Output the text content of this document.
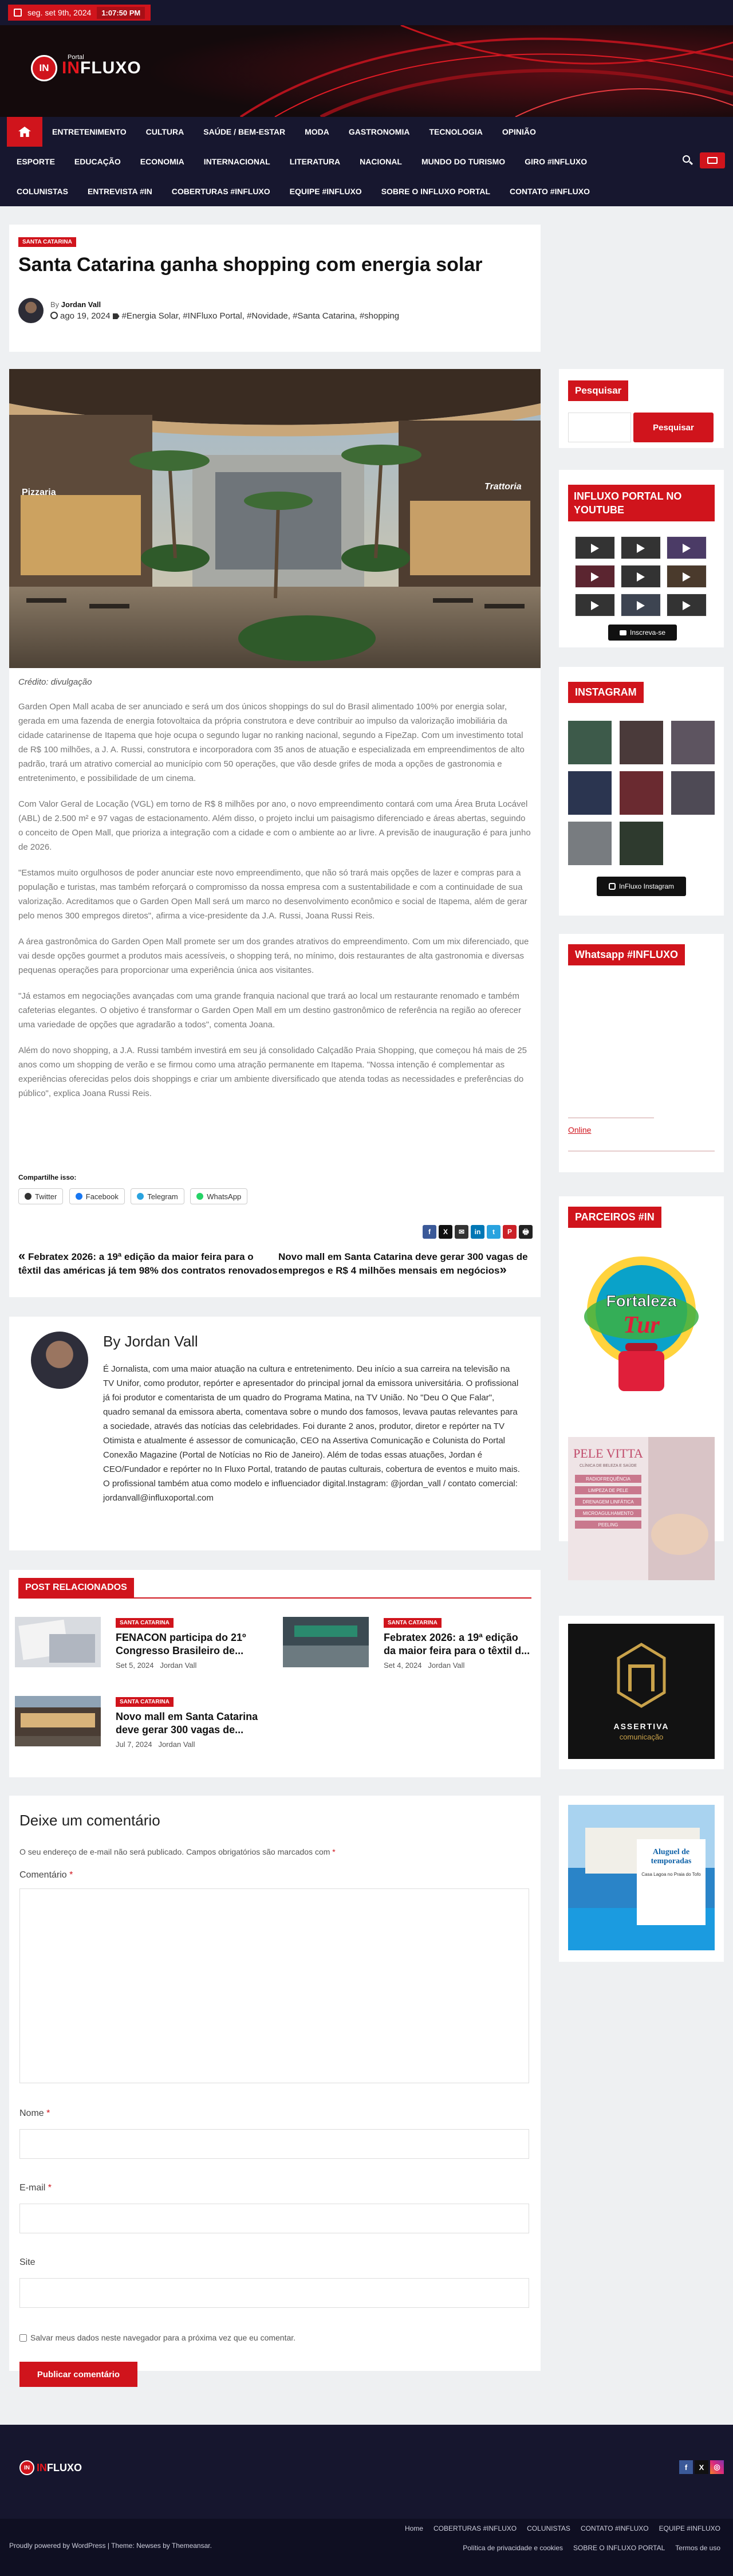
seg. set 9th, 2024	1:07:50 PM
IN
Portal
INFLUXO
ENTRETENIMENTO	CULTURA	SAÚDE / BEM-ESTAR	MODA	GASTRONOMIA	TECNOLOGIA	OPINIÃO
ESPORTE	EDUCAÇÃO	ECONOMIA	INTERNACIONAL	LITERATURA	NACIONAL	MUNDO DO TURISMO	GIRO #INFLUXO
COLUNISTAS	ENTREVISTA #IN	COBERTURAS #INFLUXO	EQUIPE #INFLUXO	SOBRE O INFLUXO PORTAL	CONTATO #INFLUXO
SANTA CATARINA
Santa Catarina ganha shopping com energia solar
By Jordan Vall
ago 19, 2024 #Energia Solar, #INFluxo Portal, #Novidade, #Santa Catarina, #shopping
Pizzaria
Trattoria
Crédito: divulgação

Garden Open Mall acaba de ser anunciado e será um dos únicos shoppings do sul do Brasil alimentado 100% por energia solar, gerada em uma fazenda de energia fotovoltaica da própria construtora e deve contribuir ao impulso da valorização imobiliária da cidade catarinense de Itapema que hoje ocupa o segundo lugar no ranking nacional, segundo a FipeZap. Com um investimento total de R$ 100 milhões, a J. A. Russi, construtora e incorporadora com 35 anos de atuação e especializada em empreendimentos de alto padrão, trará um atrativo comercial ao município com 50 operações, que vão desde grifes de moda a opções de gastronomia e entretenimento, e possibilidade de um cinema.

Com Valor Geral de Locação (VGL) em torno de R$ 8 milhões por ano, o novo empreendimento contará com uma Área Bruta Locável (ABL) de 2.500 m² e 97 vagas de estacionamento. Além disso, o projeto inclui um paisagismo diferenciado e áreas abertas, seguindo o conceito de Open Mall, que prioriza a integração com a cidade e com o ambiente ao ar livre. A previsão de inauguração é para junho de 2026.

"Estamos muito orgulhosos de poder anunciar este novo empreendimento, que não só trará mais opções de lazer e compras para a população e turistas, mas também reforçará o compromisso da nossa empresa com a sustentabilidade e com a continuidade de sua valorização. Acreditamos que o Garden Open Mall será um marco no desenvolvimento econômico e social de Itapema, além de gerar pelo menos 300 empregos diretos", afirma a vice-presidente da J.A. Russi, Joana Russi Reis.

A área gastronômica do Garden Open Mall promete ser um dos grandes atrativos do empreendimento. Com um mix diferenciado, que vai desde opções gourmet a produtos mais acessíveis, o shopping terá, no mínimo, dois restaurantes de alta gastronomia e diversas pequenas operações para proporcionar uma experiência única aos visitantes.

"Já estamos em negociações avançadas com uma grande franquia nacional que trará ao local um restaurante renomado e também cafeterias elegantes. O objetivo é transformar o Garden Open Mall em um destino gastronômico de referência na região ao oferecer uma variedade de opções que agradarão a todos", comenta Joana.

Além do novo shopping, a J.A. Russi também investirá em seu já consolidado Calçadão Praia Shopping, que começou há mais de 25 anos como um shopping de verão e se firmou como uma atração permanente em Itapema. "Nossa intenção é complementar as experiências oferecidas pelos dois shoppings e criar um ambiente diversificado que atenda todas as necessidades e preferências do público", explica Joana Russi Reis.

Compartilhe isso:
Twitter
	Facebook
	Telegram
	WhatsApp
f X ✉ in t P 🖶
« Febratex 2026: a 19ª edição da maior feira para o têxtil das américas já tem 98% dos contratos renovados
Novo mall em Santa Catarina deve gerar 300 vagas de empregos e R$ 4 milhões mensais em negócios»
By Jordan Vall
É Jornalista, com uma maior atuação na cultura e entretenimento. Deu início a sua carreira na televisão na TV Unifor, como produtor, repórter e apresentador do principal jornal da emissora universitária. O profissional já foi produtor e comentarista de um quadro do Programa Matina, na TV União. No "Deu O Que Falar", quadro semanal da emissora aberta, comentava sobre o mundo dos famosos, levava pautas relevantes para a sociedade, através das notícias das celebridades. Foi durante 2 anos, produtor, diretor e repórter na TV Otimista e atualmente é assessor de comunicação, CEO na Assertiva Comunicação e Colunista do Portal Conexão Magazine (Portal de Notícias no Rio de Janeiro). Além de todas essas atuações, Jordan é CEO/Fundador e repórter no In Fluxo Portal, tratando de pautas culturais, cobertura de eventos e muito mais. O profissional também atua como modelo e influenciador digital.Instagram: @jordan_vall / contato comercial: jordanvall@influxoportal.com
POST RELACIONADOS
SANTA CATARINA
FENACON participa do 21º Congresso Brasileiro de...
Set 5, 2024 Jordan Vall
SANTA CATARINA
Febratex 2026: a 19ª edição da maior feira para o têxtil d...
Set 4, 2024 Jordan Vall
SANTA CATARINA
Novo mall em Santa Catarina deve gerar 300 vagas de...
Jul 7, 2024 Jordan Vall
Deixe um comentário
O seu endereço de e-mail não será publicado. Campos obrigatórios são marcados com *
Comentário *
Nome *
E-mail *
Site
Salvar meus dados neste navegador para a próxima vez que eu comentar.
Publicar comentário
Pesquisar
Pesquisar
INFLUXO PORTAL NO YOUTUBE
Inscreva-se
INSTAGRAM
InFluxo Instagram
Whatsapp #INFLUXO
Online
PARCEIROS #IN
Fortaleza
Tur
PELE VITTA
CLÍNICA DE BELEZA E SAÚDE
RADIOFREQUÊNCIA
LIMPEZA DE PELE
DRENAGEM LINFÁTICA
MICROAGULHAMENTO
PEELING
ASSERTIVA
comunicação
Aluguel de
temporadas
Casa Lagoa no Praia do Tofo
IN INFLUXO	f	X	◎
Proudly powered by WordPress | Theme: Newses by Themeansar.
Home COBERTURAS #INFLUXO COLUNISTAS CONTATO #INFLUXO EQUIPE #INFLUXO
Política de privacidade e cookies SOBRE O INFLUXO PORTAL Termos de uso
